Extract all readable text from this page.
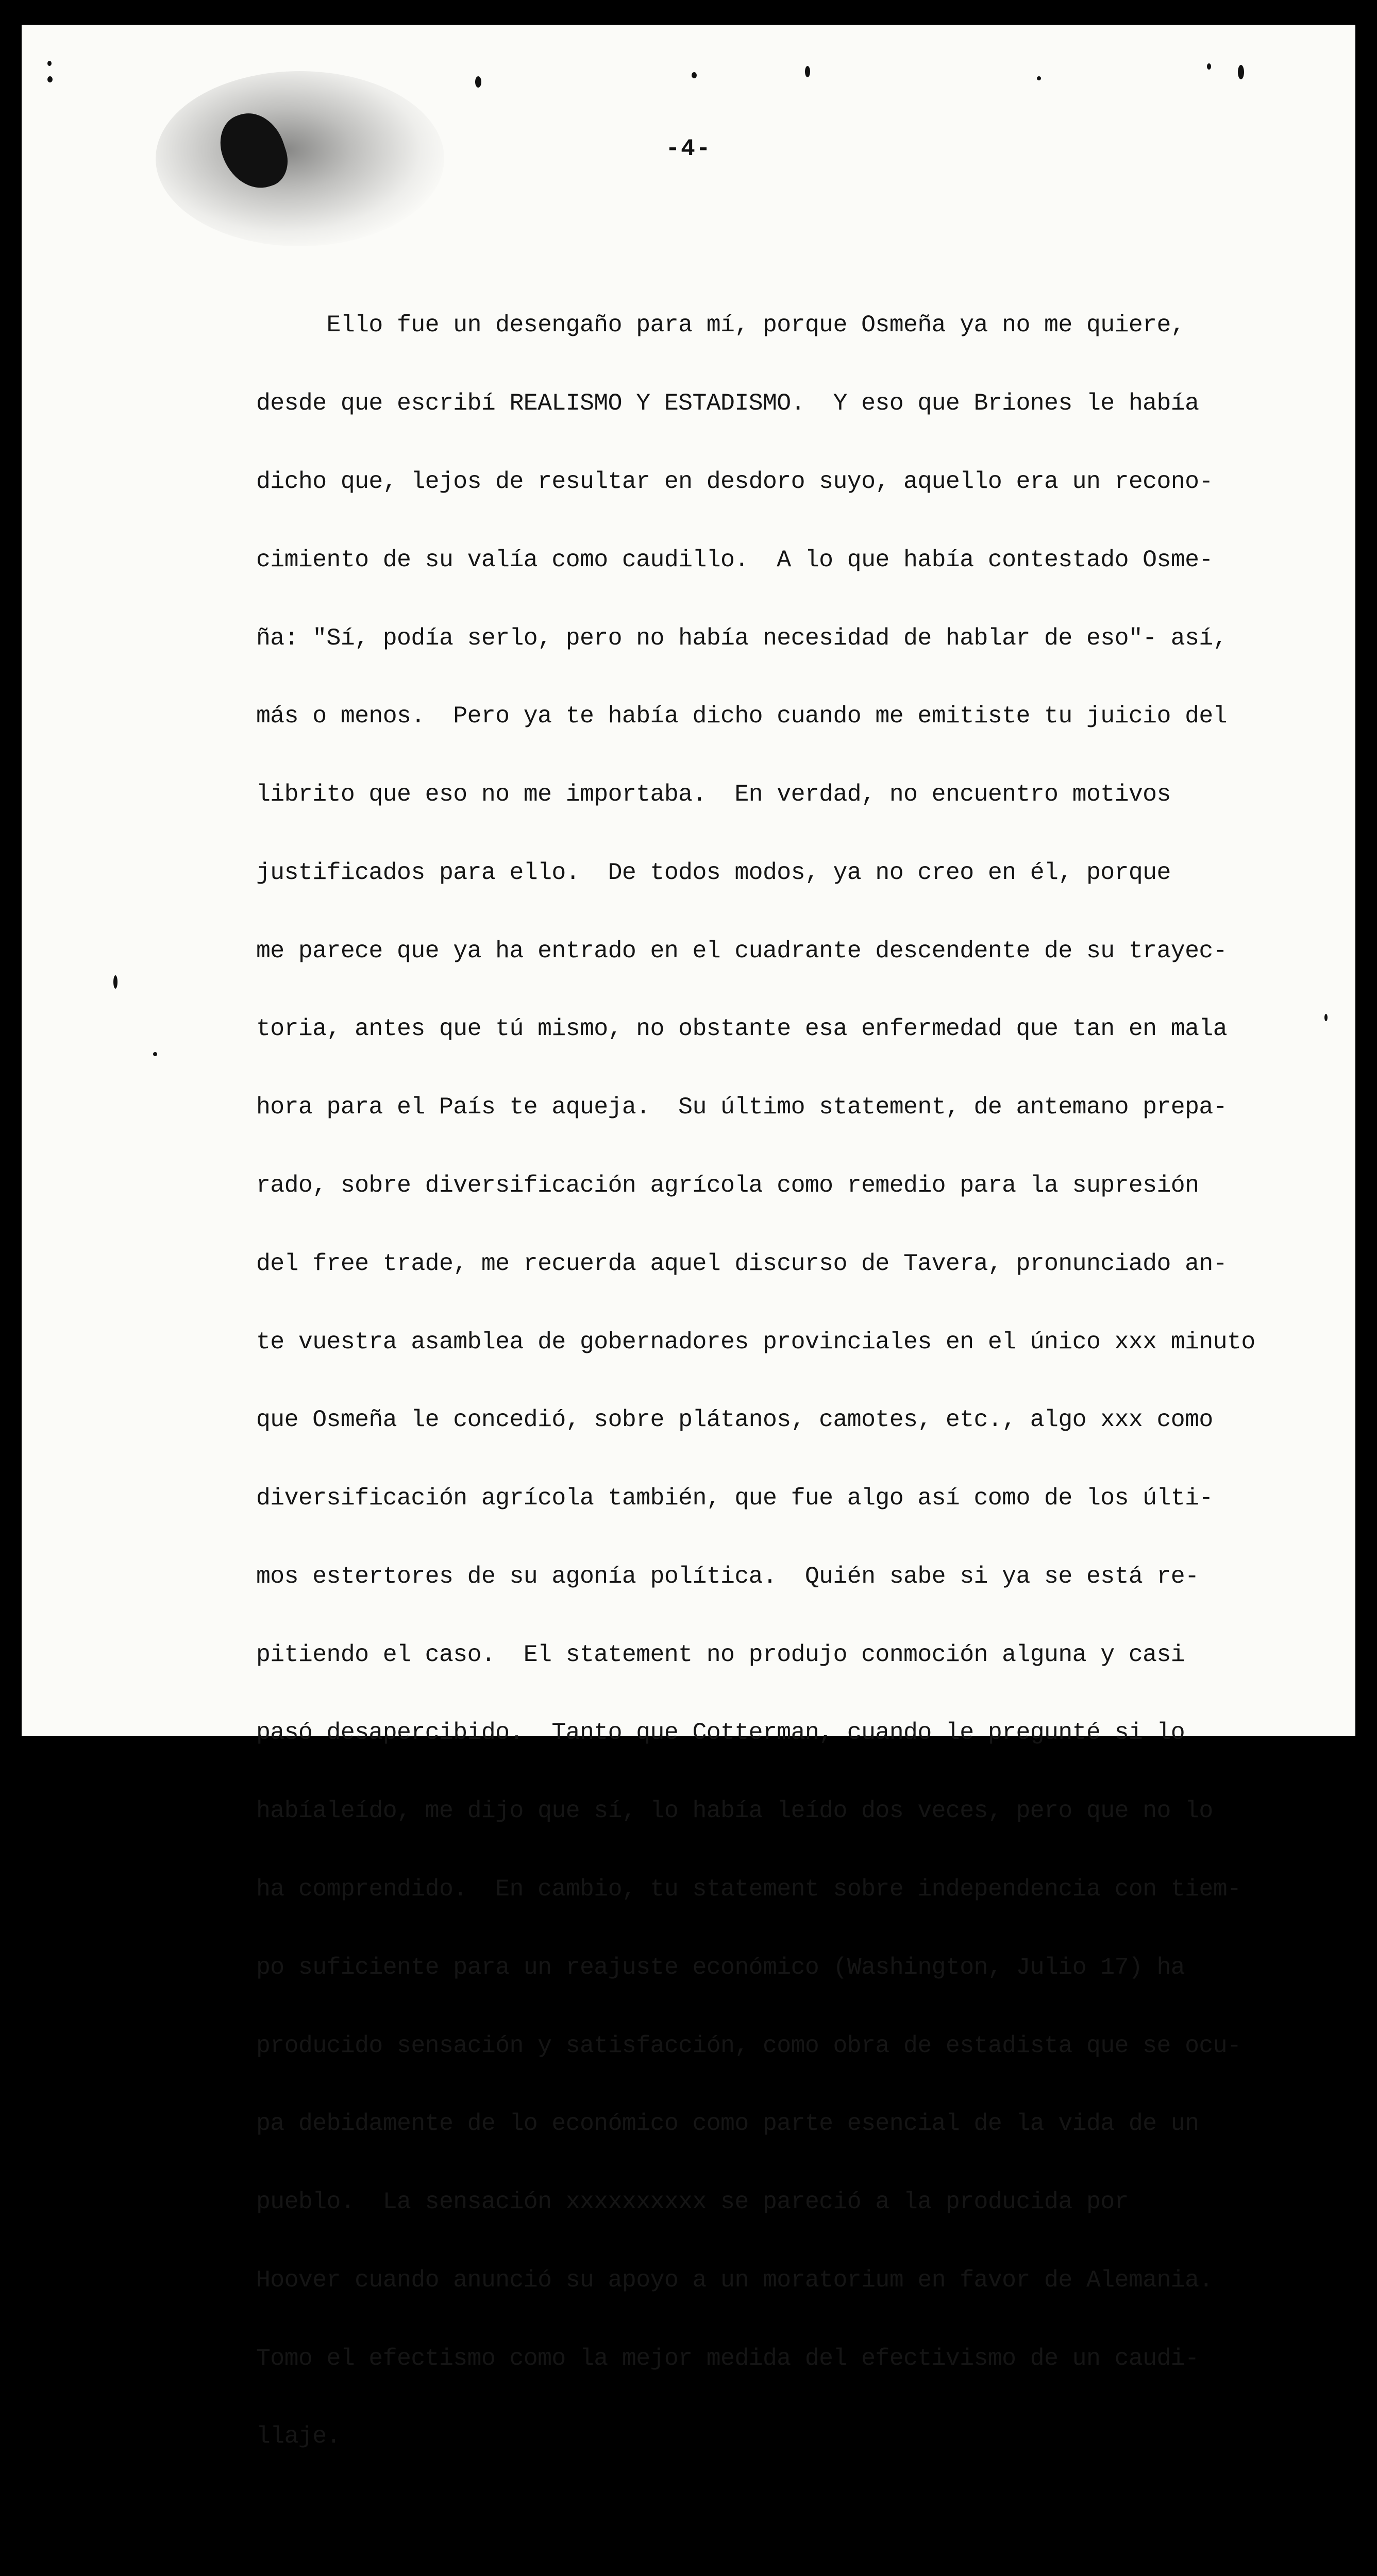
-4-

Ello fue un desengaño para mí, porque Osmeña ya no me quiere,

desde que escribí REALISMO Y ESTADISMO.  Y eso que Briones le había

dicho que, lejos de resultar en desdoro suyo, aquello era un recono-

cimiento de su valía como caudillo.  A lo que había contestado Osme-

ña: "Sí, podía serlo, pero no había necesidad de hablar de eso"- así,

más o menos.  Pero ya te había dicho cuando me emitiste tu juicio del

librito que eso no me importaba.  En verdad, no encuentro motivos

justificados para ello.  De todos modos, ya no creo en él, porque

me parece que ya ha entrado en el cuadrante descendente de su trayec-

toria, antes que tú mismo, no obstante esa enfermedad que tan en mala

hora para el País te aqueja.  Su último statement, de antemano prepa-

rado, sobre diversificación agrícola como remedio para la supresión

del free trade, me recuerda aquel discurso de Tavera, pronunciado an-

te vuestra asamblea de gobernadores provinciales en el único xxx minuto

que Osmeña le concedió, sobre plátanos, camotes, etc., algo xxx como

diversificación agrícola también, que fue algo así como de los últi-

mos estertores de su agonía política.  Quién sabe si ya se está re-

pitiendo el caso.  El statement no produjo conmoción alguna y casi

pasó desapercibido.  Tanto que Cotterman, cuando le pregunté si lo

habíaleído, me dijo que sí, lo había leído dos veces, pero que no lo

ha comprendido.  En cambio, tu statement sobre independencia con tiem-

po suficiente para un reajuste económico (Washington, Julio 17) ha

producido sensación y satisfacción, como obra de estadista que se ocu-

pa debidamente de lo económico como parte esencial de la vida de un

pueblo.  La sensación xxxxxxxxxx se pareció a la producida por

Hoover cuando anunció su apoyo a un moratorium en favor de Alemania.

Tomo el efectismo como la mejor medida del efectivismo de un caudi-

llaje.
